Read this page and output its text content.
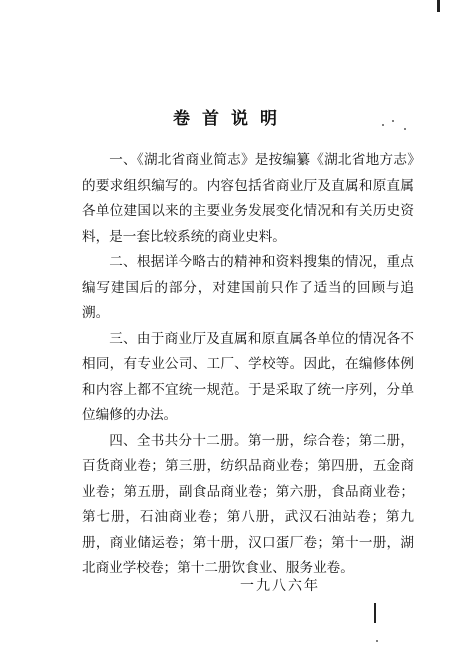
卷首说明

一、《湖北省商业简志》是按编纂《湖北省地方志》的要求组织编写的。内容包括省商业厅及直属和原直属各单位建国以来的主要业务发展变化情况和有关历史资料，是一套比较系统的商业史料。

二、根据详今略古的精神和资料搜集的情况，重点编写建国后的部分，对建国前只作了适当的回顾与追溯。

三、由于商业厅及直属和原直属各单位的情况各不相同，有专业公司、工厂、学校等。因此，在编修体例和内容上都不宜统一规范。于是采取了统一序列，分单位编修的办法。

四、全书共分十二册。第一册，综合卷；第二册，百货商业卷；第三册，纺织品商业卷；第四册，五金商业卷；第五册，副食品商业卷；第六册，食品商业卷；第七册，石油商业卷；第八册，武汉石油站卷；第九册，商业储运卷；第十册，汉口蛋厂卷；第十一册，湖北商业学校卷；第十二册饮食业、服务业卷。

一九八六年
